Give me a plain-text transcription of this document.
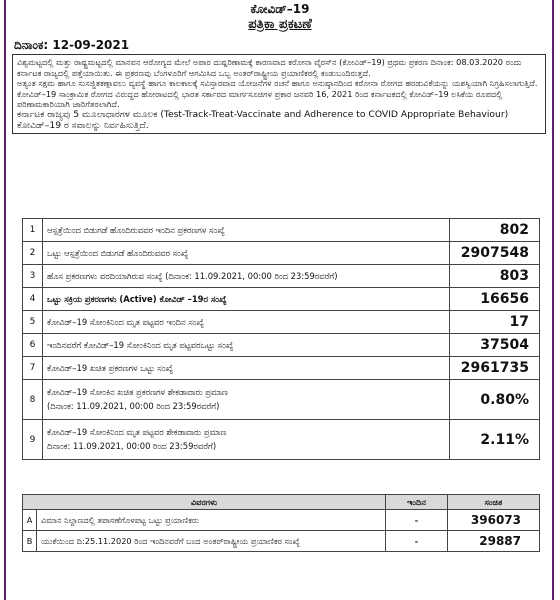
ಕೋವಿಡ್–19
ಪತ್ರಿಕಾ ಪ್ರಕಟಣೆ
ದಿನಾಂಕ: 12-09-2021

ವಿಶ್ವಮಟ್ಟದಲ್ಲಿ ಮತ್ತು ರಾಷ್ಟ್ರಮಟ್ಟದಲ್ಲಿ ಮಾನವನ ಆರೋಗ್ಯದ ಮೇಲೆ ಅಪಾರ ದುಷ್ಪರಿಣಾಮಕ್ಕೆ ಕಾರಣವಾದ ಕರೋನಾ ವೈರಸ್‌ನ (ಕೋವಿಡ್–19) ಪ್ರಥಮ ಪ್ರಕರಣ ದಿನಾಂಕ: 08.03.2020 ರಂದು ಕರ್ನಾಟಕ ರಾಜ್ಯದಲ್ಲಿ ಪತ್ತೆಯಾಯಿತು. ಈ ಪ್ರಕರಣವು ಬೆಂಗಳೂರಿಗೆ ಆಗಮಿಸಿದ ಒಬ್ಬ ಅಂತರ್‌ರಾಷ್ಟ್ರೀಯ ಪ್ರಯಾಣಿಕರಲ್ಲಿ ಕಂಡುಬಂದಿರುತ್ತದೆ.

ಅತ್ಯಂತ ಸಕ್ಷಮ ಹಾಗೂ ಸುಸಜ್ಜಿತಕಣ್ಗಾವಲು ವ್ಯವಸ್ಥೆ ಹಾಗೂ ಕಾಲಕಾಲಕ್ಕೆ ಸವಿಸ್ತಾರವಾದ ಯೋಜನೆಗಳ ರಚನೆ ಹಾಗೂ ಅನುಷ್ಠಾನದಿಂದ ಕರೋನಾ ರೋಗದ ಹರಡುವಿಕೆಯನ್ನು ಯಶಸ್ವಿಯಾಗಿ ನಿಗ್ರಹಿಸಲಾಗುತ್ತಿದೆ.

ಕೋವಿಡ್–19 ಸಾಂಕ್ರಾಮಿಕ ರೋಗದ ವಿರುದ್ಧದ ಹೋರಾಟದಲ್ಲಿ ಭಾರತ ಸರ್ಕಾರದ ಮಾರ್ಗಸೂಚಿಗಳ ಪ್ರಕಾರ ಜನವರಿ 16, 2021 ರಿಂದ ಕರ್ನಾಟಕದಲ್ಲಿ ಕೋವಿಡ್–19 ಲಸಿಕೆಯ ರೂಪದಲ್ಲಿ ಪರಿಣಾಮಕಾರಿಯಾಗಿ ಜಾರಿಗೆತರಲಾಗಿದೆ.

ಕರ್ನಾಟಕ ರಾಜ್ಯವು 5 ಮೂಲಾಧಾರಗಳ ಮೂಲಕ (Test-Track-Treat-Vaccinate and Adherence to COVID Appropriate Behaviour) ಕೋವಿಡ್–19 ರ ಸವಾಲನ್ನು ನಿರ್ವಹಿಸುತ್ತಿದೆ.

1	ಆಸ್ಪತ್ರೆಯಿಂದ ಬಿಡುಗಡೆ ಹೊಂದಿರುವವರ ಇಂದಿನ ಪ್ರಕರಣಗಳ ಸಂಖ್ಯೆ	802
2	ಒಟ್ಟು ಆಸ್ಪತ್ರೆಯಿಂದ ಬಿಡುಗಡೆ ಹೊಂದಿರುವವರ ಸಂಖ್ಯೆ	2907548
3	ಹೊಸ ಪ್ರಕರಣಗಳು ವರದಿಯಾಗಿರುವ ಸಂಖ್ಯೆ (ದಿನಾಂಕ: 11.09.2021, 00:00 ರಿಂದ 23:59ರವರೆಗೆ)	803
4	ಒಟ್ಟು ಸಕ್ರಿಯ ಪ್ರಕರಣಗಳು (Active) ಕೋವಿಡ್ –19ರ ಸಂಖ್ಯೆ	16656
5	ಕೋವಿಡ್–19 ಸೋಂಕಿನಿಂದ ಮೃತ ಪಟ್ಟವರ ಇಂದಿನ ಸಂಖ್ಯೆ	17
6	ಇಂದಿನವರೆಗೆ ಕೋವಿಡ್–19 ಸೋಂಕಿನಿಂದ ಮೃತ ಪಟ್ಟವರಒಟ್ಟು ಸಂಖ್ಯೆ	37504
7	ಕೋವಿಡ್–19 ಖಚಿತ ಪ್ರಕರಣಗಳ ಒಟ್ಟು ಸಂಖ್ಯೆ	2961735
8	ಕೋವಿಡ್–19 ಸೋಂಕಿನ ಖಚಿತ ಪ್ರಕರಣಗಳ ಶೇಕಡಾವಾರು ಪ್ರಮಾಣ
(ದಿನಾಂಕ: 11.09.2021, 00:00 ರಿಂದ 23:59ರವರೆಗೆ)	0.80%
9	ಕೋವಿಡ್–19 ಸೋಂಕಿನಿಂದ ಮೃತ ಪಟ್ಟವರ ಶೇಕಡಾವಾರು ಪ್ರಮಾಣ
ದಿನಾಂಕ: 11.09.2021, 00:00 ರಿಂದ 23:59ರವರೆಗೆ)	2.11%
ವಿವರಗಳು		ಇಂದಿನ	ಸಂಚಿತ
A	ವಿಮಾನ ನಿಲ್ದಾಣದಲ್ಲಿ ತಪಾಸಣೆಗೊಳಪಟ್ಟ ಒಟ್ಟು ಪ್ರಯಾಣಿಕರು	-	396073
B	ಯುಕೆಯಿಂದ ದಿ:25.11.2020 ರಿಂದ ಇಂದಿನವರೆಗೆ ಬಂದ ಅಂತರ್‌ರಾಷ್ಟ್ರೀಯ ಪ್ರಯಾಣಿಕರ ಸಂಖ್ಯೆ	-	29887
